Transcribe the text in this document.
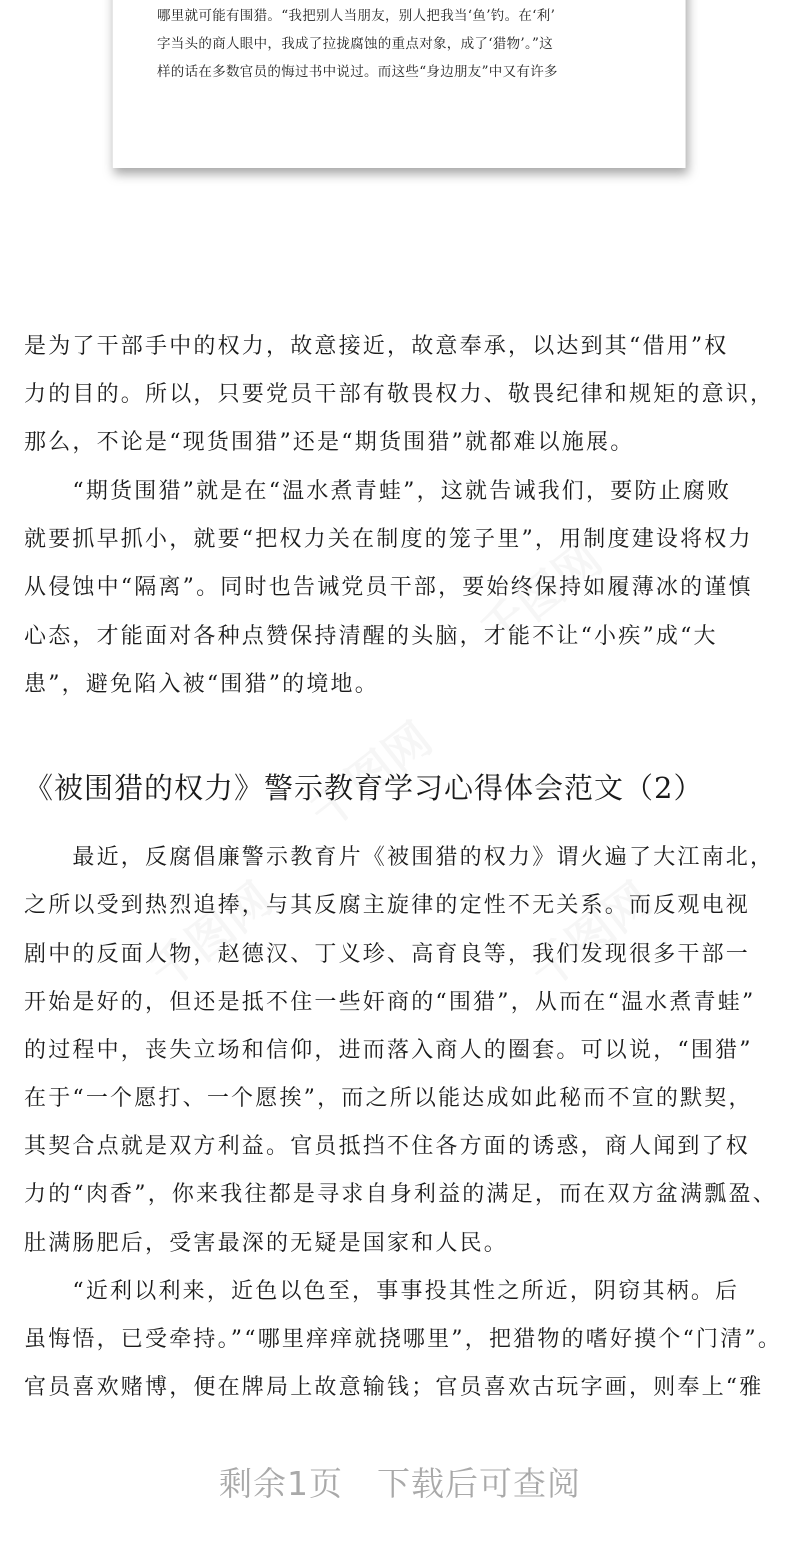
哪里就可能有围猎。“我把别人当朋友，别人把我当‘鱼’钓。在‘利’
字当头的商人眼中，我成了拉拢腐蚀的重点对象，成了‘猎物’。”这
样的话在多数官员的悔过书中说过。而这些“身边朋友”中又有许多
是为了干部手中的权力，故意接近，故意奉承，以达到其“借用”权
力的目的。所以，只要党员干部有敬畏权力、敬畏纪律和规矩的意识，
那么，不论是“现货围猎”还是“期货围猎”就都难以施展。
　　“期货围猎”就是在“温水煮青蛙”，这就告诫我们，要防止腐败
就要抓早抓小，就要“把权力关在制度的笼子里”，用制度建设将权力
从侵蚀中“隔离”。同时也告诫党员干部，要始终保持如履薄冰的谨慎
心态，才能面对各种点赞保持清醒的头脑，才能不让“小疾”成“大
患”，避免陷入被“围猎”的境地。
《被围猎的权力》警示教育学习心得体会范文（2）
　　最近，反腐倡廉警示教育片《被围猎的权力》谓火遍了大江南北，
之所以受到热烈追捧，与其反腐主旋律的定性不无关系。而反观电视
剧中的反面人物，赵德汉、丁义珍、高育良等，我们发现很多干部一
开始是好的，但还是抵不住一些奸商的“围猎”，从而在“温水煮青蛙”
的过程中，丧失立场和信仰，进而落入商人的圈套。可以说，“围猎”
在于“一个愿打、一个愿挨”，而之所以能达成如此秘而不宣的默契，
其契合点就是双方利益。官员抵挡不住各方面的诱惑，商人闻到了权
力的“肉香”，你来我往都是寻求自身利益的满足，而在双方盆满瓢盈、
肚满肠肥后，受害最深的无疑是国家和人民。
　　“近利以利来，近色以色至，事事投其性之所近，阴窃其柄。后
虽悔悟，已受牵持。”“哪里痒痒就挠哪里”，把猎物的嗜好摸个“门清”。
官员喜欢赌博，便在牌局上故意输钱；官员喜欢古玩字画，则奉上“雅
剩余1页　下载后可查阅
